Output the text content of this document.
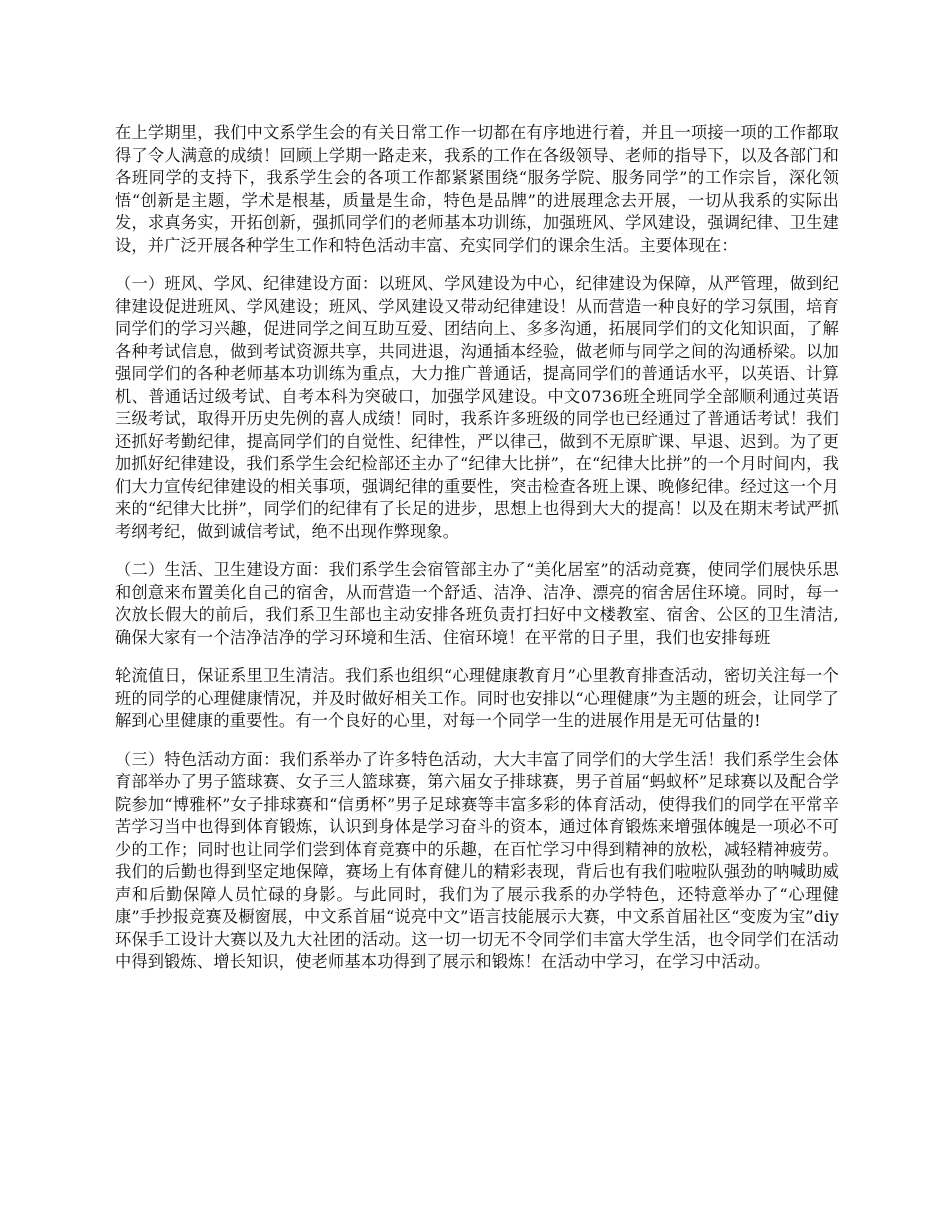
在上学期里，我们中文系学生会的有关日常工作一切都在有序地进行着，并且一项接一项的工作都取得了令人满意的成绩！回顾上学期一路走来，我系的工作在各级领导、老师的指导下，以及各部门和各班同学的支持下，我系学生会的各项工作都紧紧围绕“服务学院、服务同学”的工作宗旨，深化领悟“创新是主题，学术是根基，质量是生命，特色是品牌”的进展理念去开展，一切从我系的实际出发，求真务实，开拓创新，强抓同学们的老师基本功训练，加强班风、学风建设，强调纪律、卫生建设，并广泛开展各种学生工作和特色活动丰富、充实同学们的课余生活。主要体现在：

（一）班风、学风、纪律建设方面：以班风、学风建设为中心，纪律建设为保障，从严管理，做到纪律建设促进班风、学风建设；班风、学风建设又带动纪律建设！从而营造一种良好的学习氛围，培育同学们的学习兴趣，促进同学之间互助互爱、团结向上、多多沟通，拓展同学们的文化知识面，了解各种考试信息，做到考试资源共享，共同进退，沟通插本经验，做老师与同学之间的沟通桥梁。以加强同学们的各种老师基本功训练为重点，大力推广普通话，提高同学们的普通话水平，以英语、计算机、普通话过级考试、自考本科为突破口，加强学风建设。中文0736班全班同学全部顺利通过英语三级考试，取得开历史先例的喜人成绩！同时，我系许多班级的同学也已经通过了普通话考试！我们还抓好考勤纪律，提高同学们的自觉性、纪律性，严以律己，做到不无原旷课、早退、迟到。为了更加抓好纪律建设，我们系学生会纪检部还主办了“纪律大比拼”，在“纪律大比拼”的一个月时间内，我们大力宣传纪律建设的相关事项，强调纪律的重要性，突击检查各班上课、晚修纪律。经过这一个月来的“纪律大比拼”，同学们的纪律有了长足的进步，思想上也得到大大的提高！以及在期末考试严抓考纲考纪，做到诚信考试，绝不出现作弊现象。

（二）生活、卫生建设方面：我们系学生会宿管部主办了“美化居室”的活动竞赛，使同学们展快乐思和创意来布置美化自己的宿舍，从而营造一个舒适、洁净、洁净、漂亮的宿舍居住环境。同时，每一次放长假大的前后，我们系卫生部也主动安排各班负责打扫好中文楼教室、宿舍、公区的卫生清洁,确保大家有一个洁净洁净的学习环境和生活、住宿环境！在平常的日子里，我们也安排每班

轮流值日，保证系里卫生清洁。我们系也组织“心理健康教育月”心里教育排查活动，密切关注每一个班的同学的心理健康情况，并及时做好相关工作。同时也安排以“心理健康”为主题的班会，让同学了解到心里健康的重要性。有一个良好的心里，对每一个同学一生的进展作用是无可估量的!

（三）特色活动方面：我们系举办了许多特色活动，大大丰富了同学们的大学生活！我们系学生会体育部举办了男子篮球赛、女子三人篮球赛，第六届女子排球赛，男子首届“蚂蚁杯”足球赛以及配合学院参加“博雅杯”女子排球赛和“信勇杯”男子足球赛等丰富多彩的体育活动，使得我们的同学在平常辛苦学习当中也得到体育锻炼，认识到身体是学习奋斗的资本，通过体育锻炼来增强体魄是一项必不可少的工作；同时也让同学们尝到体育竞赛中的乐趣，在百忙学习中得到精神的放松，减轻精神疲劳。我们的后勤也得到坚定地保障，赛场上有体育健儿的精彩表现，背后也有我们啦啦队强劲的呐喊助威声和后勤保障人员忙碌的身影。与此同时，我们为了展示我系的办学特色，还特意举办了“心理健康”手抄报竞赛及橱窗展，中文系首届“说亮中文”语言技能展示大赛，中文系首届社区“变废为宝”diy环保手工设计大赛以及九大社团的活动。这一切一切无不令同学们丰富大学生活，也令同学们在活动中得到锻炼、增长知识，使老师基本功得到了展示和锻炼！在活动中学习，在学习中活动。
